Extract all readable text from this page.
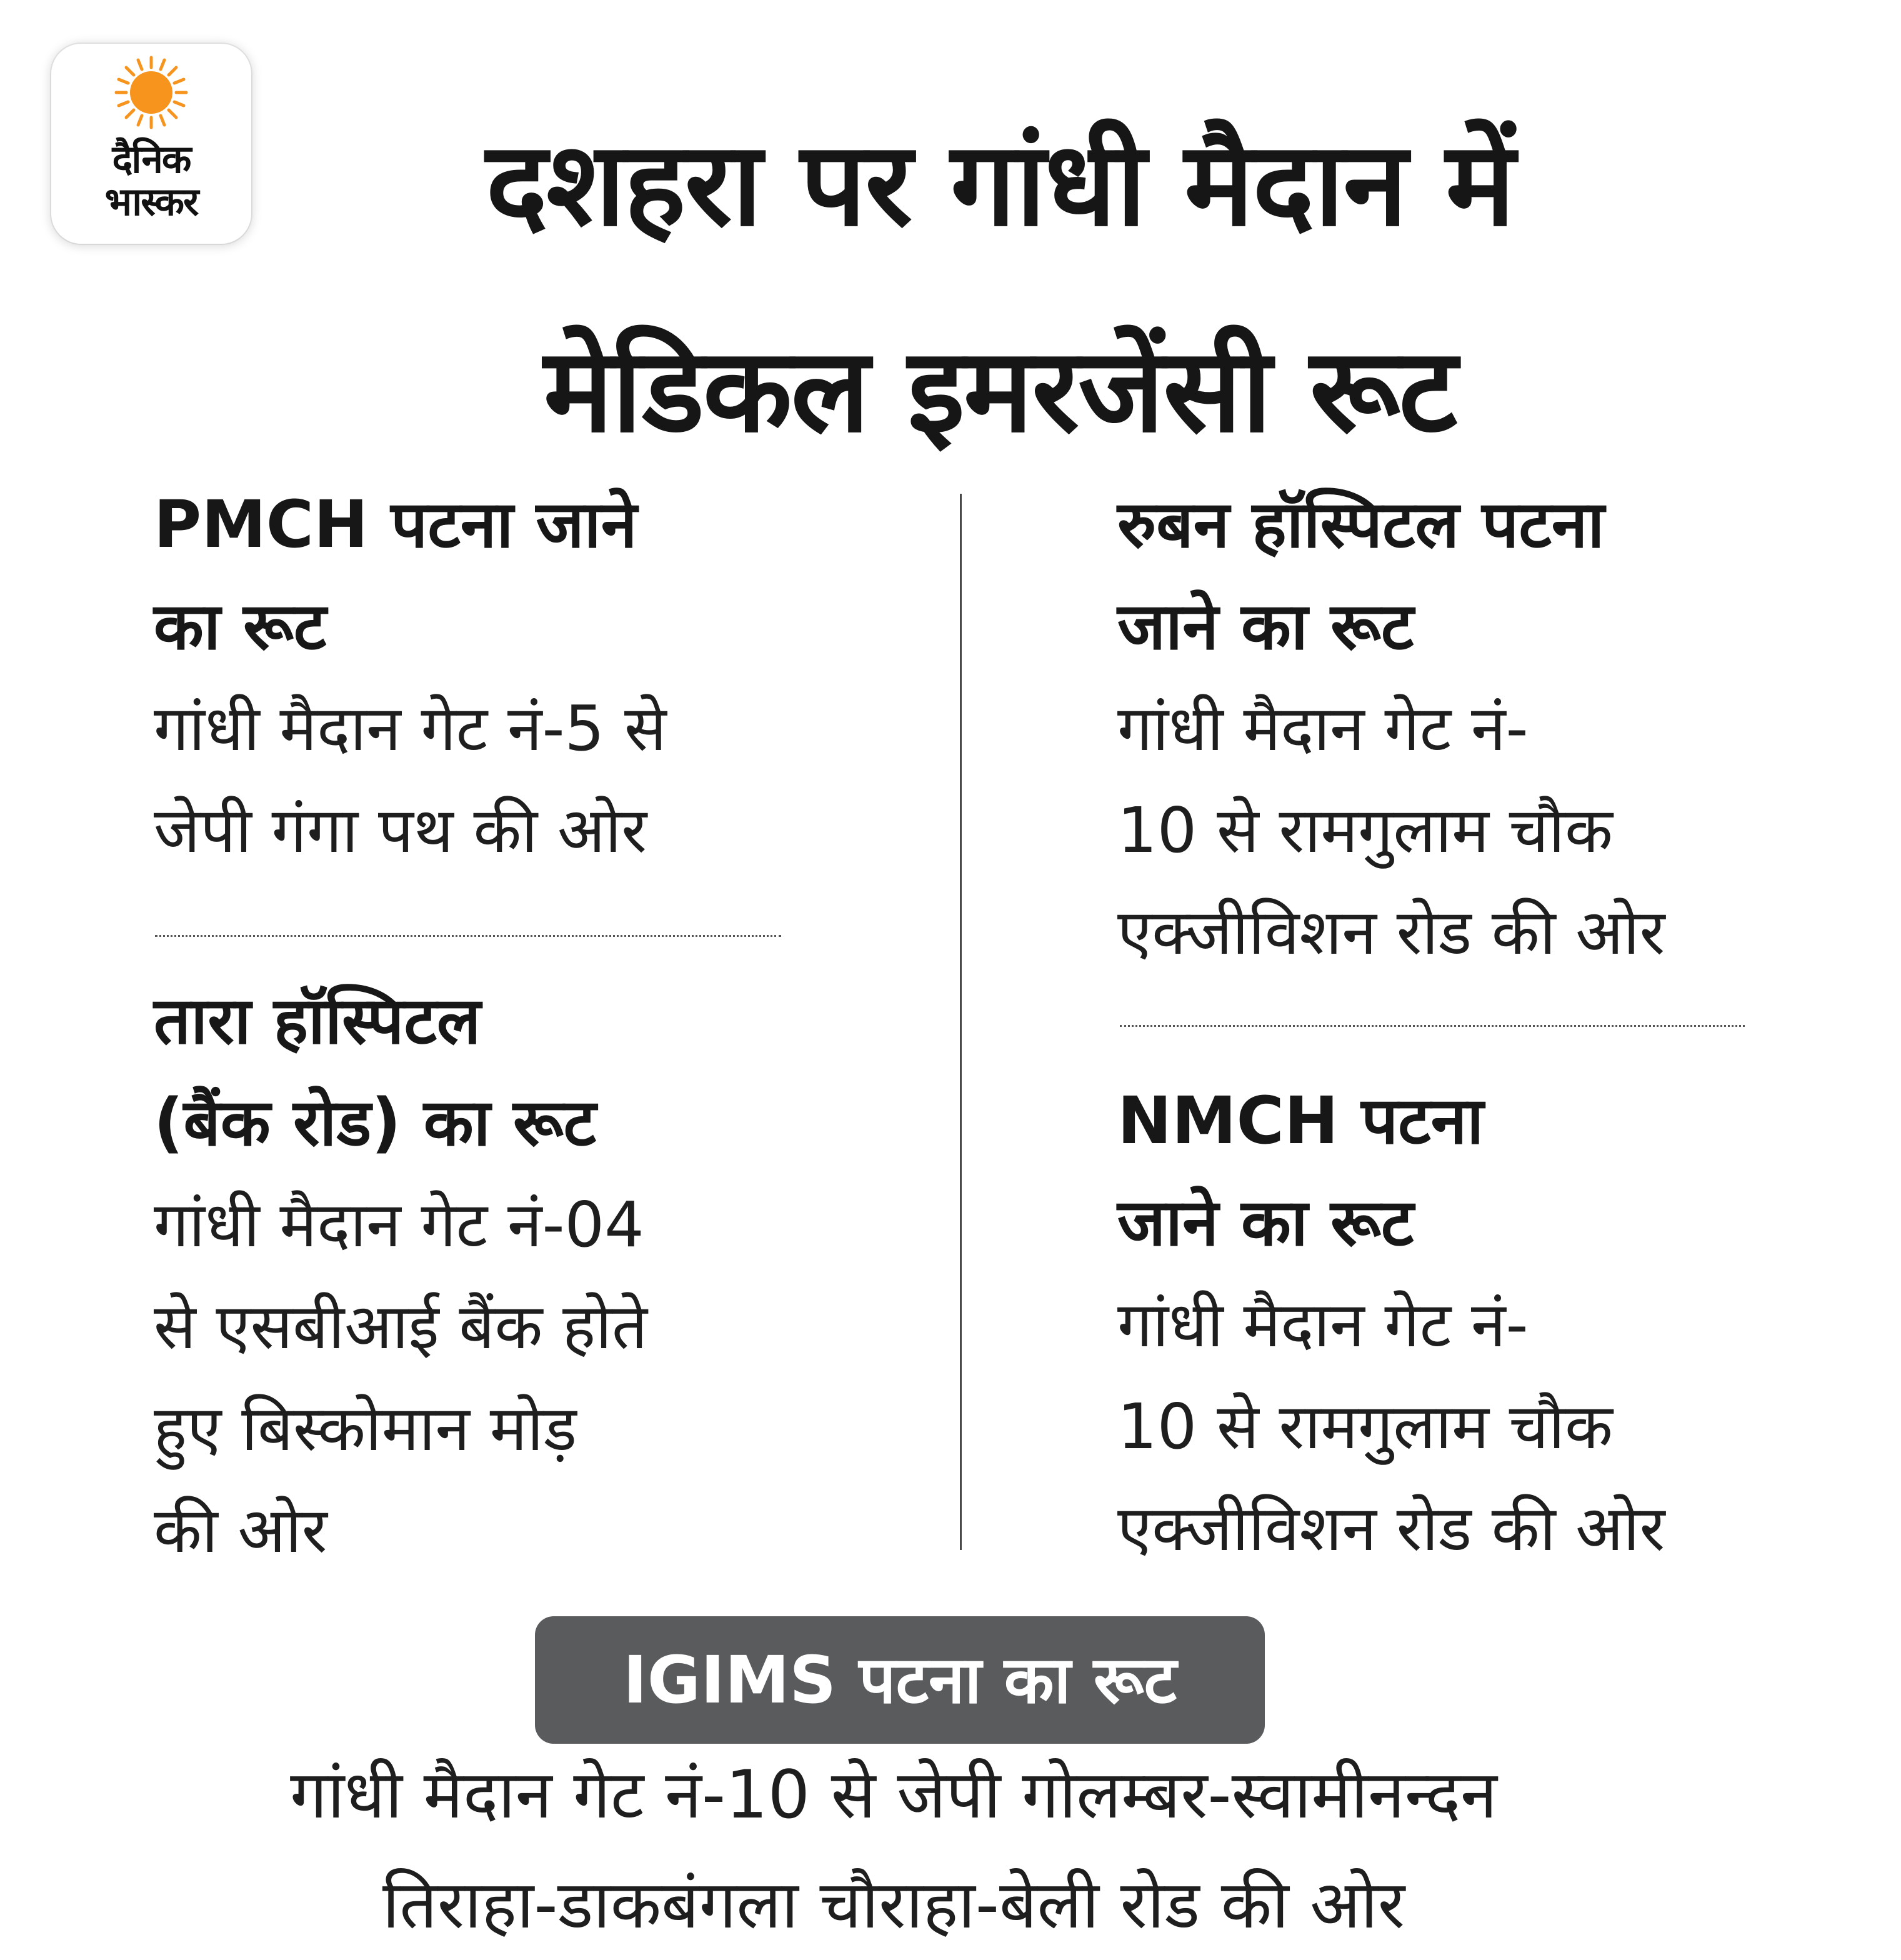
दैनिक
भास्कर	दशहरा पर गांधी मैदान में
मेडिकल इमरजेंसी रूट
PMCH पटना जाने
का रूट
गांधी मैदान गेट नं-5 से
जेपी गंगा पथ की ओर
तारा हॉस्पिटल
(बैंक रोड) का रूट
गांधी मैदान गेट नं-04
से एसबीआई बैंक होते
हुए बिस्कोमान मोड़
की ओर
रुबन हॉस्पिटल पटना
जाने का रूट
गांधी मैदान गेट नं-
10 से रामगुलाम चौक
एक्जीविशन रोड की ओर
NMCH पटना
जाने का रूट
गांधी मैदान गेट नं-
10 से रामगुलाम चौक
एक्जीविशन रोड की ओर
IGIMS पटना का रूट
गांधी मैदान गेट नं-10 से जेपी गोलम्बर-स्वामीनन्दन
तिराहा-डाकबंगला चौराहा-बेली रोड की ओर
